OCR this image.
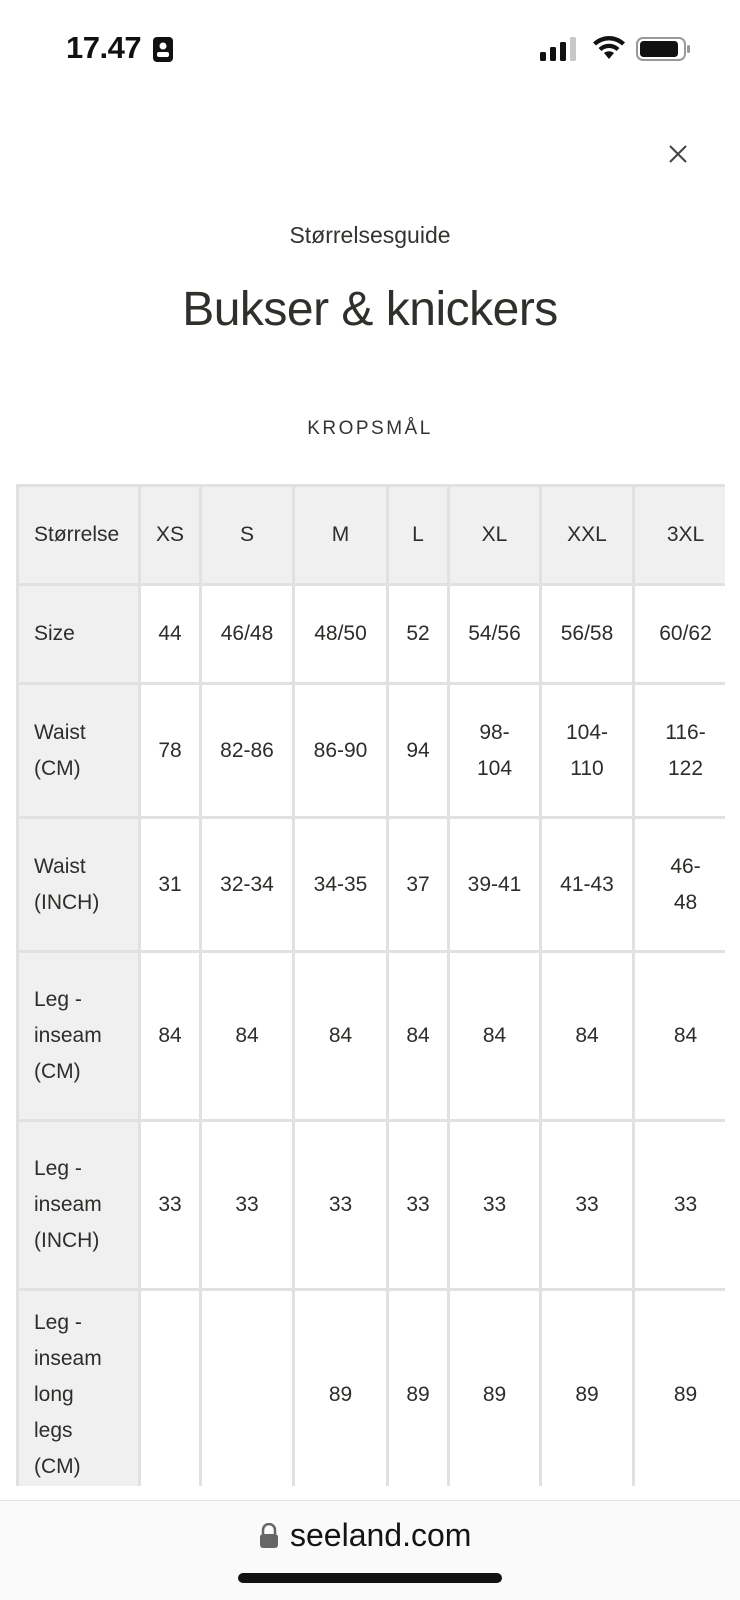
17.47
Størrelsesguide
Bukser & knickers
KROPSMÅL
Størrelse	XS	S	M	L	XL	XXL	3XL
Size	44	46/48	48/50	52	54/56	56/58	60/62
Waist (CM)	78	82-86	86-90	94	98-104	104-110	116-122
Waist (INCH)	31	32-34	34-35	37	39-41	41-43	46-48
Leg - inseam (CM)	84	84	84	84	84	84	84
Leg - inseam (INCH)	33	33	33	33	33	33	33
Leg - inseam long legs (CM)			89	89	89	89	89
seeland.com
